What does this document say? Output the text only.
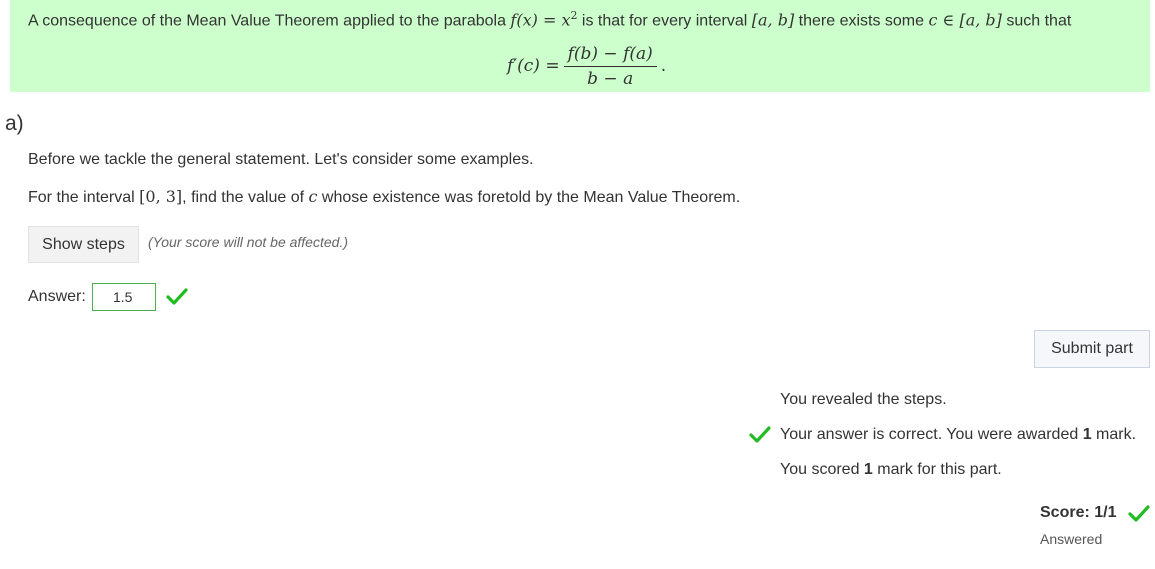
A consequence of the Mean Value Theorem applied to the parabola $f(x) = x^2$ is that for every interval [a, b] there exists some c ∈ [a, b] such that
$f'(c) = \frac{f(b) - f(a)}{b - a}$ .
a)
Before we tackle the general statement. Let's consider some examples.
For the interval [0, 3], find the value of c whose existence was foretold by the Mean Value Theorem.
Show steps	(Your score will not be affected.)
Answer:
1.5
Submit part
You revealed the steps.
Your answer is correct. You were awarded 1 mark.
You scored 1 mark for this part.
Score: 1/1
Answered
